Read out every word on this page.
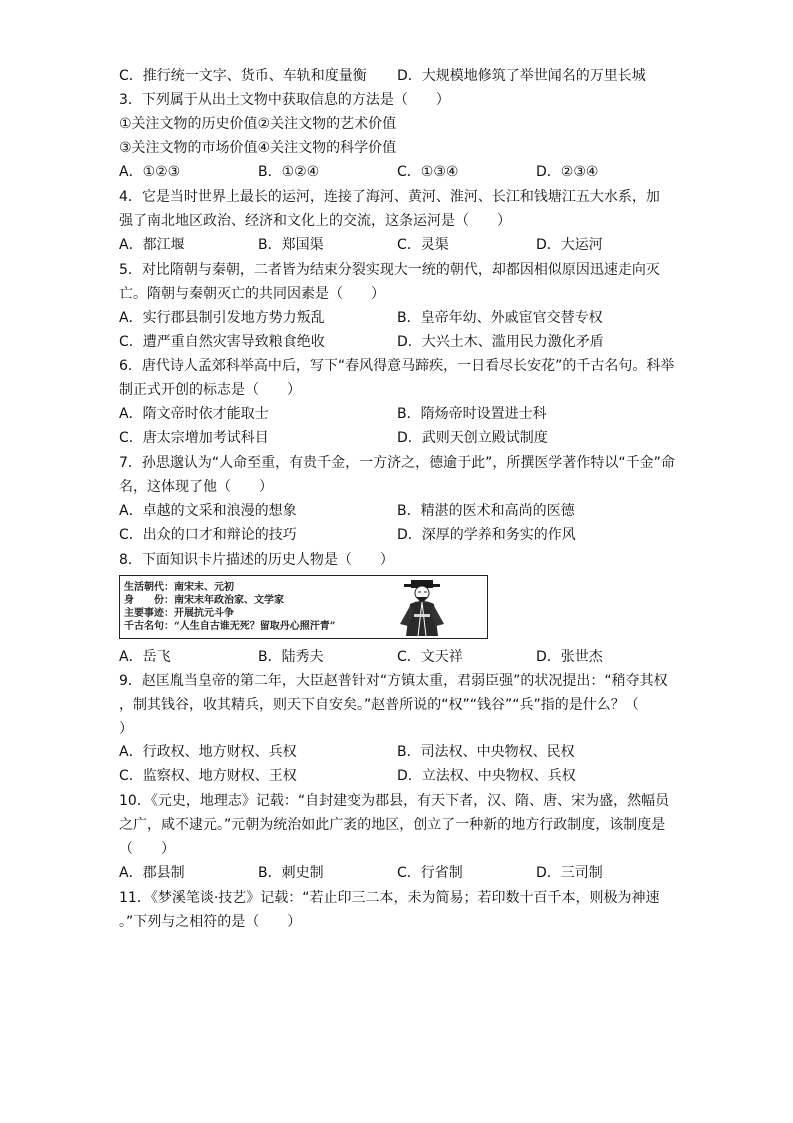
C．推行统一文字、货币、车轨和度量衡 D．大规模地修筑了举世闻名的万里长城
3．下列属于从出土文物中获取信息的方法是（　　）
①关注文物的历史价值②关注文物的艺术价值
③关注文物的市场价值④关注文物的科学价值
A．①②③	B．①②④	C．①③④	D．②③④
4．它是当时世界上最长的运河，连接了海河、黄河、淮河、长江和钱塘江五大水系，加
强了南北地区政治、经济和文化上的交流，这条运河是（　　）
A．都江堰	B．郑国渠	C．灵渠	D．大运河
5．对比隋朝与秦朝，二者皆为结束分裂实现大一统的朝代，却都因相似原因迅速走向灭
亡。隋朝与秦朝灭亡的共同因素是（　　）
A．实行郡县制引发地方势力叛乱	B．皇帝年幼、外戚宦官交替专权
C．遭严重自然灾害导致粮食绝收	D．大兴土木、滥用民力激化矛盾
6．唐代诗人孟郊科举高中后，写下“春风得意马蹄疾，一日看尽长安花”的千古名句。科举
制正式开创的标志是（　　）
A．隋文帝时依才能取士	B．隋炀帝时设置进士科
C．唐太宗增加考试科目	D．武则天创立殿试制度
7．孙思邈认为“人命至重，有贵千金，一方济之，德逾于此”，所撰医学著作特以“千金”命
名，这体现了他（　　）
A．卓越的文采和浪漫的想象	B．精湛的医术和高尚的医德
C．出众的口才和辩论的技巧	D．深厚的学养和务实的作风
8．下面知识卡片描述的历史人物是（　　）
生活朝代：南宋末、元初
身　　份：南宋末年政治家、文学家
主要事迹：开展抗元斗争
千古名句：“人生自古谁无死？留取丹心照汗青”
A．岳飞	B．陆秀夫	C．文天祥	D．张世杰
9．赵匡胤当皇帝的第二年，大臣赵普针对“方镇太重，君弱臣强”的状况提出：“稍夺其权
，制其钱谷，收其精兵，则天下自安矣。”赵普所说的“权”“钱谷”“兵”指的是什么？（
）
A．行政权、地方财权、兵权	B．司法权、中央物权、民权
C．监察权、地方财权、王权	D．立法权、中央物权、兵权
10．《元史，地理志》记载：“自封建变为郡县，有天下者，汉、隋、唐、宋为盛，然幅员
之广，咸不逮元。”元朝为统治如此广袤的地区，创立了一种新的地方行政制度，该制度是
（　　）
A．郡县制	B．刺史制	C．行省制	D．三司制
11．《梦溪笔谈·技艺》记载：“若止印三二本，未为简易；若印数十百千本，则极为神速
。”下列与之相符的是（　　）
